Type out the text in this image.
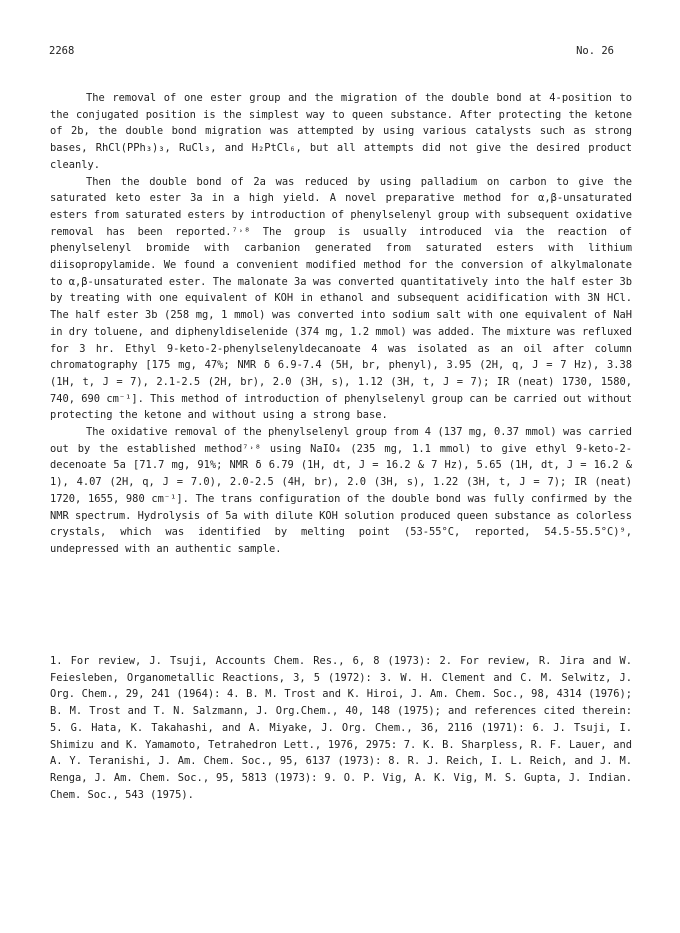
2268	No. 26

The removal of one ester group and the migration of the double bond at 4-position to the conjugated position is the simplest way to queen substance. After protecting the ketone of 2b, the double bond migration was attempted by using various catalysts such as strong bases, RhCl(PPh₃)₃, RuCl₃, and H₂PtCl₆, but all attempts did not give the desired product cleanly.

Then the double bond of 2a was reduced by using palladium on carbon to give the saturated keto ester 3a in a high yield. A novel preparative method for α,β-unsaturated esters from saturated esters by introduction of phenylselenyl group with subsequent oxidative removal has been reported.⁷˒⁸ The group is usually introduced via the reaction of phenylselenyl bromide with carbanion generated from saturated esters with lithium diisopropylamide. We found a convenient modified method for the conversion of alkylmalonate to α,β-unsaturated ester. The malonate 3a was converted quantitatively into the half ester 3b by treating with one equivalent of KOH in ethanol and subsequent acidification with 3N HCl. The half ester 3b (258 mg, 1 mmol) was converted into sodium salt with one equivalent of NaH in dry toluene, and diphenyldiselenide (374 mg, 1.2 mmol) was added. The mixture was refluxed for 3 hr. Ethyl 9-keto-2-phenylselenyldecanoate 4 was isolated as an oil after column chromatography [175 mg, 47%; NMR δ 6.9-7.4 (5H, br, phenyl), 3.95 (2H, q, J = 7 Hz), 3.38 (1H, t, J = 7), 2.1-2.5 (2H, br), 2.0 (3H, s), 1.12 (3H, t, J = 7); IR (neat) 1730, 1580, 740, 690 cm⁻¹]. This method of introduction of phenylselenyl group can be carried out without protecting the ketone and without using a strong base.

The oxidative removal of the phenylselenyl group from 4 (137 mg, 0.37 mmol) was carried out by the established method⁷˒⁸ using NaIO₄ (235 mg, 1.1 mmol) to give ethyl 9-keto-2-decenoate 5a [71.7 mg, 91%; NMR δ 6.79 (1H, dt, J = 16.2 & 7 Hz), 5.65 (1H, dt, J = 16.2 & 1), 4.07 (2H, q, J = 7.0), 2.0-2.5 (4H, br), 2.0 (3H, s), 1.22 (3H, t, J = 7); IR (neat) 1720, 1655, 980 cm⁻¹]. The trans configuration of the double bond was fully confirmed by the NMR spectrum. Hydrolysis of 5a with dilute KOH solution produced queen substance as colorless crystals, which was identified by melting point (53-55°C, reported, 54.5-55.5°C)⁹, undepressed with an authentic sample.

1. For review, J. Tsuji, Accounts Chem. Res., 6, 8 (1973): 2. For review, R. Jira and W. Feiesleben, Organometallic Reactions, 3, 5 (1972): 3. W. H. Clement and C. M. Selwitz, J. Org. Chem., 29, 241 (1964): 4. B. M. Trost and K. Hiroi, J. Am. Chem. Soc., 98, 4314 (1976); B. M. Trost and T. N. Salzmann, J. Org.Chem., 40, 148 (1975); and references cited therein: 5. G. Hata, K. Takahashi, and A. Miyake, J. Org. Chem., 36, 2116 (1971): 6. J. Tsuji, I. Shimizu and K. Yamamoto, Tetrahedron Lett., 1976, 2975: 7. K. B. Sharpless, R. F. Lauer, and A. Y. Teranishi, J. Am. Chem. Soc., 95, 6137 (1973): 8. R. J. Reich, I. L. Reich, and J. M. Renga, J. Am. Chem. Soc., 95, 5813 (1973): 9. O. P. Vig, A. K. Vig, M. S. Gupta, J. Indian. Chem. Soc., 543 (1975).
